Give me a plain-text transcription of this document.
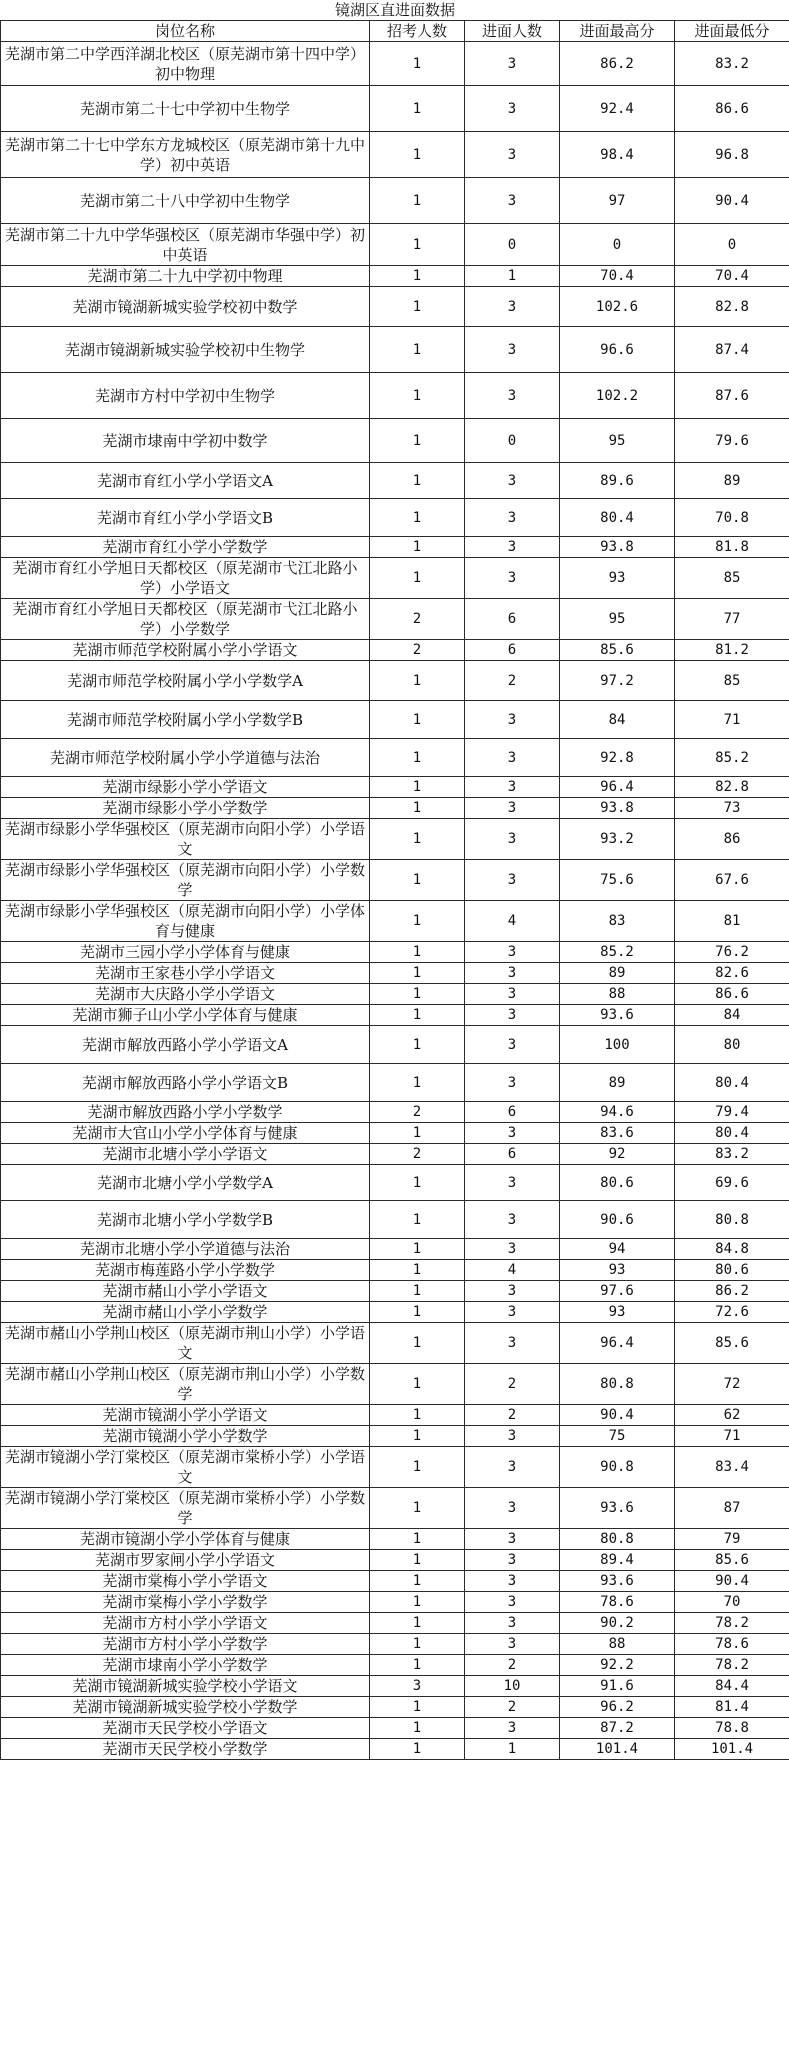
镜湖区直进面数据				
岗位名称	招考人数	进面人数	进面最高分	进面最低分
芜湖市第二中学西洋湖北校区（原芜湖市第十四中学）初中物理	1	3	86.2	83.2
芜湖市第二十七中学初中生物学	1	3	92.4	86.6
芜湖市第二十七中学东方龙城校区（原芜湖市第十九中学）初中英语	1	3	98.4	96.8
芜湖市第二十八中学初中生物学	1	3	97	90.4
芜湖市第二十九中学华强校区（原芜湖市华强中学）初中英语	1	0	0	0
芜湖市第二十九中学初中物理	1	1	70.4	70.4
芜湖市镜湖新城实验学校初中数学	1	3	102.6	82.8
芜湖市镜湖新城实验学校初中生物学	1	3	96.6	87.4
芜湖市方村中学初中生物学	1	3	102.2	87.6
芜湖市埭南中学初中数学	1	0	95	79.6
芜湖市育红小学小学语文A	1	3	89.6	89
芜湖市育红小学小学语文B	1	3	80.4	70.8
芜湖市育红小学小学数学	1	3	93.8	81.8
芜湖市育红小学旭日天都校区（原芜湖市弋江北路小学）小学语文	1	3	93	85
芜湖市育红小学旭日天都校区（原芜湖市弋江北路小学）小学数学	2	6	95	77
芜湖市师范学校附属小学小学语文	2	6	85.6	81.2
芜湖市师范学校附属小学小学数学A	1	2	97.2	85
芜湖市师范学校附属小学小学数学B	1	3	84	71
芜湖市师范学校附属小学小学道德与法治	1	3	92.8	85.2
芜湖市绿影小学小学语文	1	3	96.4	82.8
芜湖市绿影小学小学数学	1	3	93.8	73
芜湖市绿影小学华强校区（原芜湖市向阳小学）小学语文	1	3	93.2	86
芜湖市绿影小学华强校区（原芜湖市向阳小学）小学数学	1	3	75.6	67.6
芜湖市绿影小学华强校区（原芜湖市向阳小学）小学体育与健康	1	4	83	81
芜湖市三园小学小学体育与健康	1	3	85.2	76.2
芜湖市王家巷小学小学语文	1	3	89	82.6
芜湖市大庆路小学小学语文	1	3	88	86.6
芜湖市狮子山小学小学体育与健康	1	3	93.6	84
芜湖市解放西路小学小学语文A	1	3	100	80
芜湖市解放西路小学小学语文B	1	3	89	80.4
芜湖市解放西路小学小学数学	2	6	94.6	79.4
芜湖市大官山小学小学体育与健康	1	3	83.6	80.4
芜湖市北塘小学小学语文	2	6	92	83.2
芜湖市北塘小学小学数学A	1	3	80.6	69.6
芜湖市北塘小学小学数学B	1	3	90.6	80.8
芜湖市北塘小学小学道德与法治	1	3	94	84.8
芜湖市梅莲路小学小学数学	1	4	93	80.6
芜湖市赭山小学小学语文	1	3	97.6	86.2
芜湖市赭山小学小学数学	1	3	93	72.6
芜湖市赭山小学荆山校区（原芜湖市荆山小学）小学语文	1	3	96.4	85.6
芜湖市赭山小学荆山校区（原芜湖市荆山小学）小学数学	1	2	80.8	72
芜湖市镜湖小学小学语文	1	2	90.4	62
芜湖市镜湖小学小学数学	1	3	75	71
芜湖市镜湖小学汀棠校区（原芜湖市棠桥小学）小学语文	1	3	90.8	83.4
芜湖市镜湖小学汀棠校区（原芜湖市棠桥小学）小学数学	1	3	93.6	87
芜湖市镜湖小学小学体育与健康	1	3	80.8	79
芜湖市罗家闸小学小学语文	1	3	89.4	85.6
芜湖市棠梅小学小学语文	1	3	93.6	90.4
芜湖市棠梅小学小学数学	1	3	78.6	70
芜湖市方村小学小学语文	1	3	90.2	78.2
芜湖市方村小学小学数学	1	3	88	78.6
芜湖市埭南小学小学数学	1	2	92.2	78.2
芜湖市镜湖新城实验学校小学语文	3	10	91.6	84.4
芜湖市镜湖新城实验学校小学数学	1	2	96.2	81.4
芜湖市天民学校小学语文	1	3	87.2	78.8
芜湖市天民学校小学数学	1	1	101.4	101.4
